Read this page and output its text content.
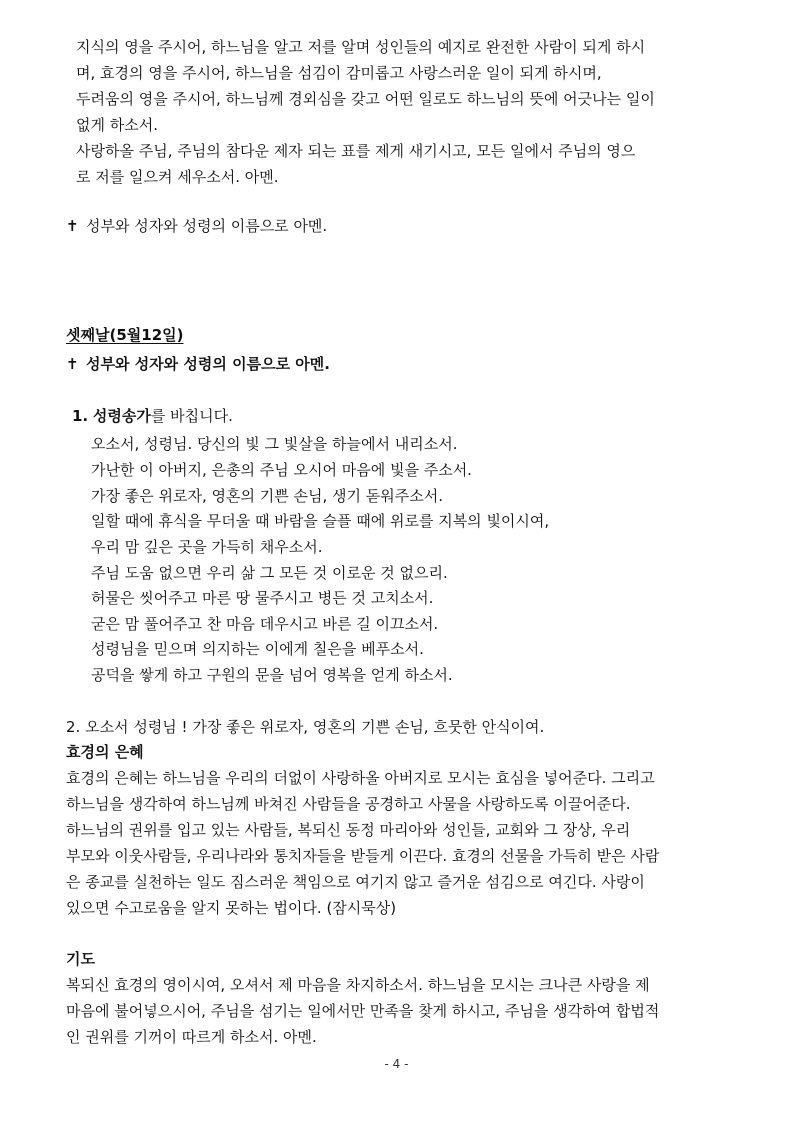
지식의 영을 주시어, 하느님을 알고 저를 알며 성인들의 예지로 완전한 사람이 되게 하시
며, 효경의 영을 주시어, 하느님을 섬김이 감미롭고 사랑스러운 일이 되게 하시며,
두려움의 영을 주시어, 하느님께 경외심을 갖고 어떤 일로도 하느님의 뜻에 어긋나는 일이
없게 하소서.
사랑하올 주님, 주님의 참다운 제자 되는 표를 제게 새기시고, 모든 일에서 주님의 영으
로 저를 일으켜 세우소서. 아멘.
✝ 성부와 성자와 성령의 이름으로 아멘.
셋째날(5월12일)
✝ 성부와 성자와 성령의 이름으로 아멘.
1. 성령송가를 바칩니다.
오소서, 성령님. 당신의 빛 그 빛살을 하늘에서 내리소서.
가난한 이 아버지, 은총의 주님 오시어 마음에 빛을 주소서.
가장 좋은 위로자, 영혼의 기쁜 손님, 생기 돋워주소서.
일할 때에 휴식을 무더울 때 바람을 슬플 때에 위로를 지복의 빛이시여,
우리 맘 깊은 곳을 가득히 채우소서.
주님 도움 없으면 우리 삶 그 모든 것 이로운 것 없으리.
허물은 씻어주고 마른 땅 물주시고 병든 것 고치소서.
굳은 맘 풀어주고 찬 마음 데우시고 바른 길 이끄소서.
성령님을 믿으며 의지하는 이에게 칠은을 베푸소서.
공덕을 쌓게 하고 구원의 문을 넘어 영복을 얻게 하소서.
2. 오소서 성령님 ! 가장 좋은 위로자, 영혼의 기쁜 손님, 흐뭇한 안식이여.
효경의 은혜
효경의 은혜는 하느님을 우리의 더없이 사랑하올 아버지로 모시는 효심을 넣어준다. 그리고
하느님을 생각하여 하느님께 바쳐진 사람들을 공경하고 사물을 사랑하도록 이끌어준다.
하느님의 권위를 입고 있는 사람들, 복되신 동정 마리아와 성인들, 교회와 그 장상, 우리
부모와 이웃사람들, 우리나라와 통치자들을 받들게 이끈다. 효경의 선물을 가득히 받은 사람
은 종교를 실천하는 일도 짐스러운 책임으로 여기지 않고 즐거운 섬김으로 여긴다. 사랑이
있으면 수고로움을 알지 못하는 법이다. (잠시묵상)
기도
복되신 효경의 영이시여, 오셔서 제 마음을 차지하소서. 하느님을 모시는 크나큰 사랑을 제
마음에 불어넣으시어, 주님을 섬기는 일에서만 만족을 찾게 하시고, 주님을 생각하여 합법적
인 권위를 기꺼이 따르게 하소서. 아멘.
- 4 -
